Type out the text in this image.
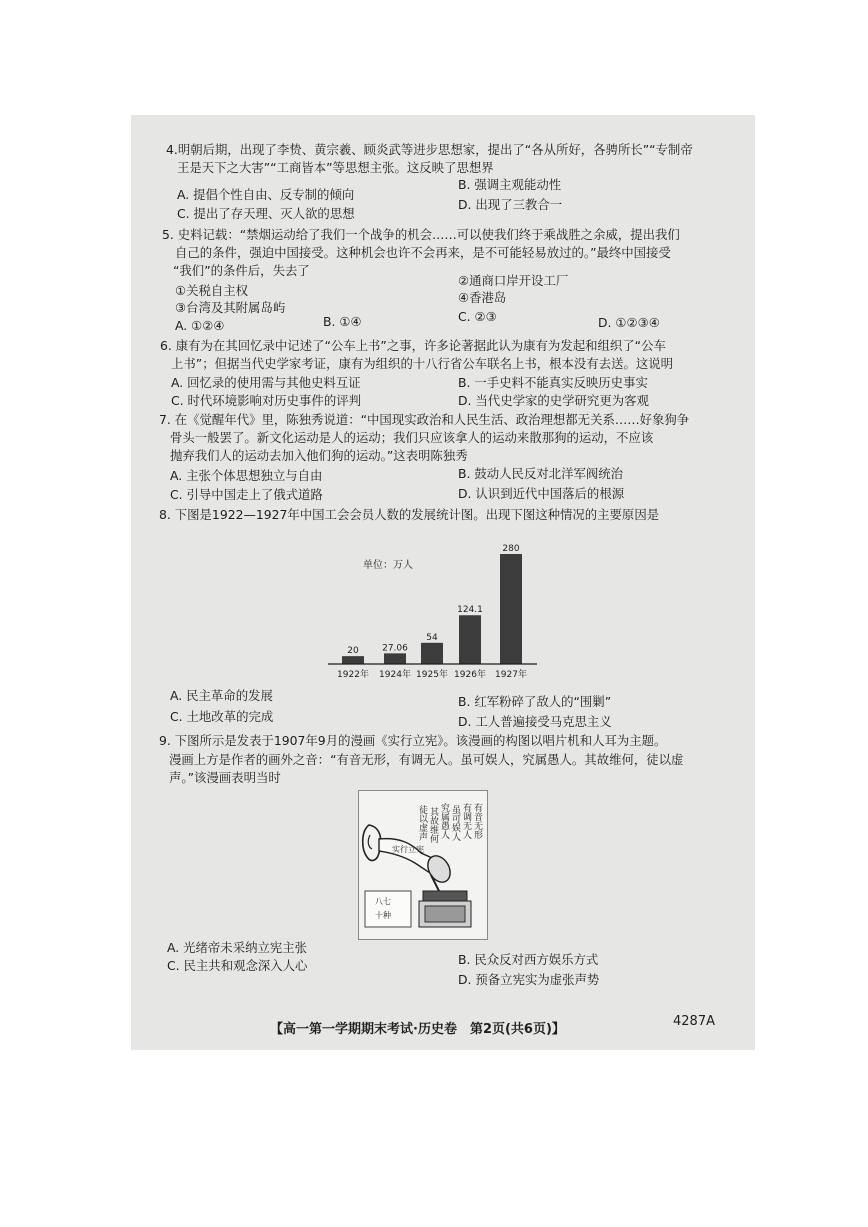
4.明朝后期，出现了李贽、黄宗羲、顾炎武等进步思想家，提出了“各从所好，各骋所长”“专制帝
王是天下之大害”“工商皆本”等思想主张。这反映了思想界
A. 提倡个性自由、反专制的倾向
B. 强调主观能动性
C. 提出了存天理、灭人欲的思想
D. 出现了三教合一
5. 史料记载：“禁烟运动给了我们一个战争的机会……可以使我们终于乘战胜之余威，提出我们
自己的条件，强迫中国接受。这种机会也许不会再来，是不可能轻易放过的。”最终中国接受
“我们”的条件后，失去了
①关税自主权
②通商口岸开设工厂
③台湾及其附属岛屿
④香港岛
A. ①②④	B. ①④	C. ②③	D. ①②③④
6. 康有为在其回忆录中记述了“公车上书”之事，许多论著据此认为康有为发起和组织了“公车
上书”；但据当代史学家考证，康有为组织的十八行省公车联名上书，根本没有去送。这说明
A. 回忆录的使用需与其他史料互证	B. 一手史料不能真实反映历史事实
C. 时代环境影响对历史事件的评判	D. 当代史学家的史学研究更为客观
7. 在《觉醒年代》里，陈独秀说道：“中国现实政治和人民生活、政治理想都无关系……好象狗争
骨头一般罢了。新文化运动是人的运动；我们只应该拿人的运动来散那狗的运动，不应该
抛弃我们人的运动去加入他们狗的运动。”这表明陈独秀
A. 主张个体思想独立与自由	B. 鼓动人民反对北洋军阀统治
C. 引导中国走上了俄式道路	D. 认识到近代中国落后的根源
8. 下图是1922—1927年中国工会会员人数的发展统计图。出现下图这种情况的主要原因是
单位：万人
20
1922年
27.06
1924年
54
1925年
124.1
1926年
280
1927年
A. 民主革命的发展	B. 红军粉碎了敌人的“围剿”
C. 土地改革的完成	D. 工人普遍接受马克思主义
9. 下图所示是发表于1907年9月的漫画《实行立宪》。该漫画的构图以唱片机和人耳为主题。
漫画上方是作者的画外之音：“有音无形，有调无人。虽可娱人，究属愚人。其故维何，徒以虚
声。”该漫画表明当时
有音无形
有调无人
虽可娱人
究属愚人
其故维何
徒以虚声
实行立宪
八七
十种
A. 光绪帝未采纳立宪主张
B. 民众反对西方娱乐方式
C. 民主共和观念深入人心
D. 预备立宪实为虚张声势
【高一第一学期期末考试·历史卷　第2页(共6页)】
4287A
